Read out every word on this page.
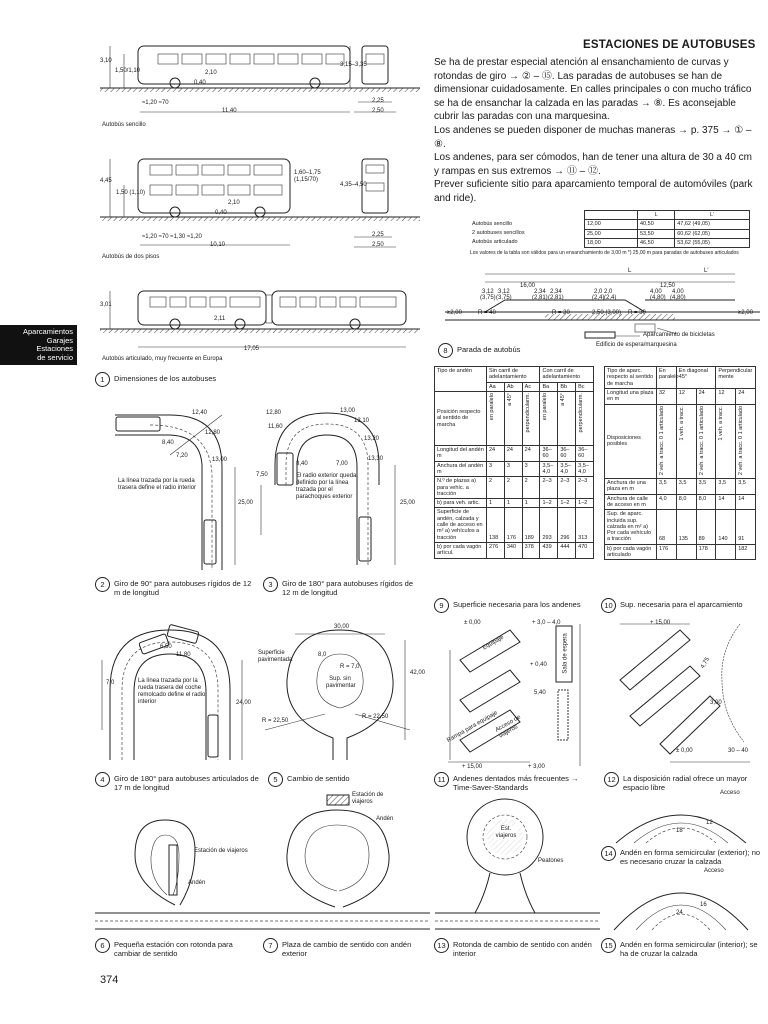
ESTACIONES DE AUTOBUSES

Se ha de prestar especial atención al ensanchamiento de curvas y rotondas de giro → ② – ⑮. Las paradas de autobuses se han de dimensionar cuidadosamente. En calles principales o con mucho tráfico se ha de ensanchar la calzada en las paradas → ⑧. Es aconsejable cubrir las paradas con una marquesina.

Los andenes se pueden disponer de muchas maneras → p. 375 → ① – ⑧.

Los andenes, para ser cómodos, han de tener una altura de 30 a 40 cm y rampas en sus extremos → ⑪ – ⑫.

Prever suficiente sitio para aparcamiento temporal de automóviles (park and ride).

Aparcamientos
Garajes
Estaciones
de servicio
3,10
1,50/1,10	2,10
0,40
3,15–3,35
2,25
2,50
≈1,20 ≈70
11,40
Autobús sencillo
4,45
1,50 (1,10)
2,10
0,40
1,60–1,75 (1,15/70)
4,35–4,50
2,25
2,50
≈1,20 ≈70 ≈1,30 ≈1,20
10,10
Autobús de dos pisos
3,01
2,11
17,05
Autobús articulado, muy frecuente en Europa
1	Dimensiones de los autobuses
12,40
12,80
13,00
8,40
7,20
25,00
La línea trazada por la rueda trasera define el radio interior
2	Giro de 90° para autobuses rígidos de 12 m de longitud
13,00
13,10
13,20
13,30
12,80
11,60
8,40	7,00
7,50
25,00
El radio exterior queda definido por la línea trazada por el parachoques exterior
3	Giro de 180° para autobuses rígidos de 12 m de longitud
6,50
11,80
7,0
24,00
La línea trazada por la rueda trasera del coche remolcado define el radio interior
4	Giro de 180° para autobuses articulados de 17 m de longitud
30,00
8,0
R = 7,0
R = 22,50
R = 22,50
42,00
Superficie pavimentada
Sup. sin pavimentar
5	Cambio de sentido
Estación de viajeros
Andén
6	Pequeña estación con rotonda para cambiar de sentido
Estación de viajeros
Andén
7	Plaza de cambio de sentido con andén exterior
		L	L'
Autobús sencillo	12,00	40,50	47,62 (49,05)
2 autobuses sencillos	25,00	53,50	60,62 (62,05)
Autobús articulado	18,00	46,50	53,62 (55,05)
Los valores de la tabla son válidos para un ensanchamiento de 3,00 m *) 25,00 m para paradas de autobuses articulados
16,00	12,50
3,12 3,12
(3,75) (3,75)
2,34 2,34
(2,81) (2,81)
2,0 2,0
(2,4) (2,4)
4,00 4,00
(4,80) (4,80)
≥2,00	R = 40	R = 30	2,50 (3,00) R = 30	≥2,00
L	L'
Aparcamiento de bicicletas
Edificio de espera/marquesina
8	Parada de autobús
Tipo de andén	Sin carril de adelantamiento			Con carril de adelantamiento		
	Aa	Ab	Ac	Ba	Bb	Bc
Posición respecto al sentido de marcha	en paralelo	a 45°	perpendicularm.	en paralelo	a 45°	perpendicularm.
Longitud del andén m	24	24	24	36–60	36–60	36–60
Anchura del andén m	3	3	3	3,5–4,0	3,5–4,0	3,5–4,0
N.º de plazas a) para vehíc. a tracción	2	2	2	2–3	2–3	2–3
b) para veh. artic.	1	1	1	1–2	1–2	1–2
Superficie de andén, calzada y calle de acceso en m² a) vehículos a tracción	138	176	189	293	296	313
b) por cada vagón artícul.	276	340	378	439	444	470
9	Superficie necesaria para los andenes
Tipo de aparc. respecto al sentido de marcha	En paralelo	En diagonal 45°		Perpendicularmente	
Longitud una plaza en m	32	12	24	12	24
Disposiciones posibles	2 veh. a tracc. 0 1 articulado	1 veh. a tracc.	2 veh. a tracc. 0 1 articulado	1 veh. a tracc.	2 veh. a tracc. 0 1 articulado
Anchura de una plaza en m	3,5	3,5	3,5	3,5	3,5
Anchura de calle de acceso en m	4,0	8,0	8,0	14	14
Sup. de aparc. incluida sup. calzada en m² a) Por cada vehículo a tracción	68	135	89	140	91
b) por cada vagón articulado	176		178		182
10 Sup. necesaria para el aparcamiento
± 0,00	+ 3,0 – 4,0
+ 0,40
5,40
+ 15,00	+ 3,00
Equipaje	Sala de espera
Rampa para equipaje
Acceso de viajeros
11	Andenes dentados más frecuentes → Time-Saver-Standards
+ 15,00
4,75
3,00
± 0,00	30 – 40
12 La disposición radial ofrece un mayor espacio libre
Est. viajeros
Peatones
13 Rotonda de cambio de sentido con andén interior
Acceso
18
12
14 Andén en forma semicircular (exterior); no es necesario cruzar la calzada
Acceso
24
16
15 Andén en forma semicircular (interior); se ha de cruzar la calzada
374
